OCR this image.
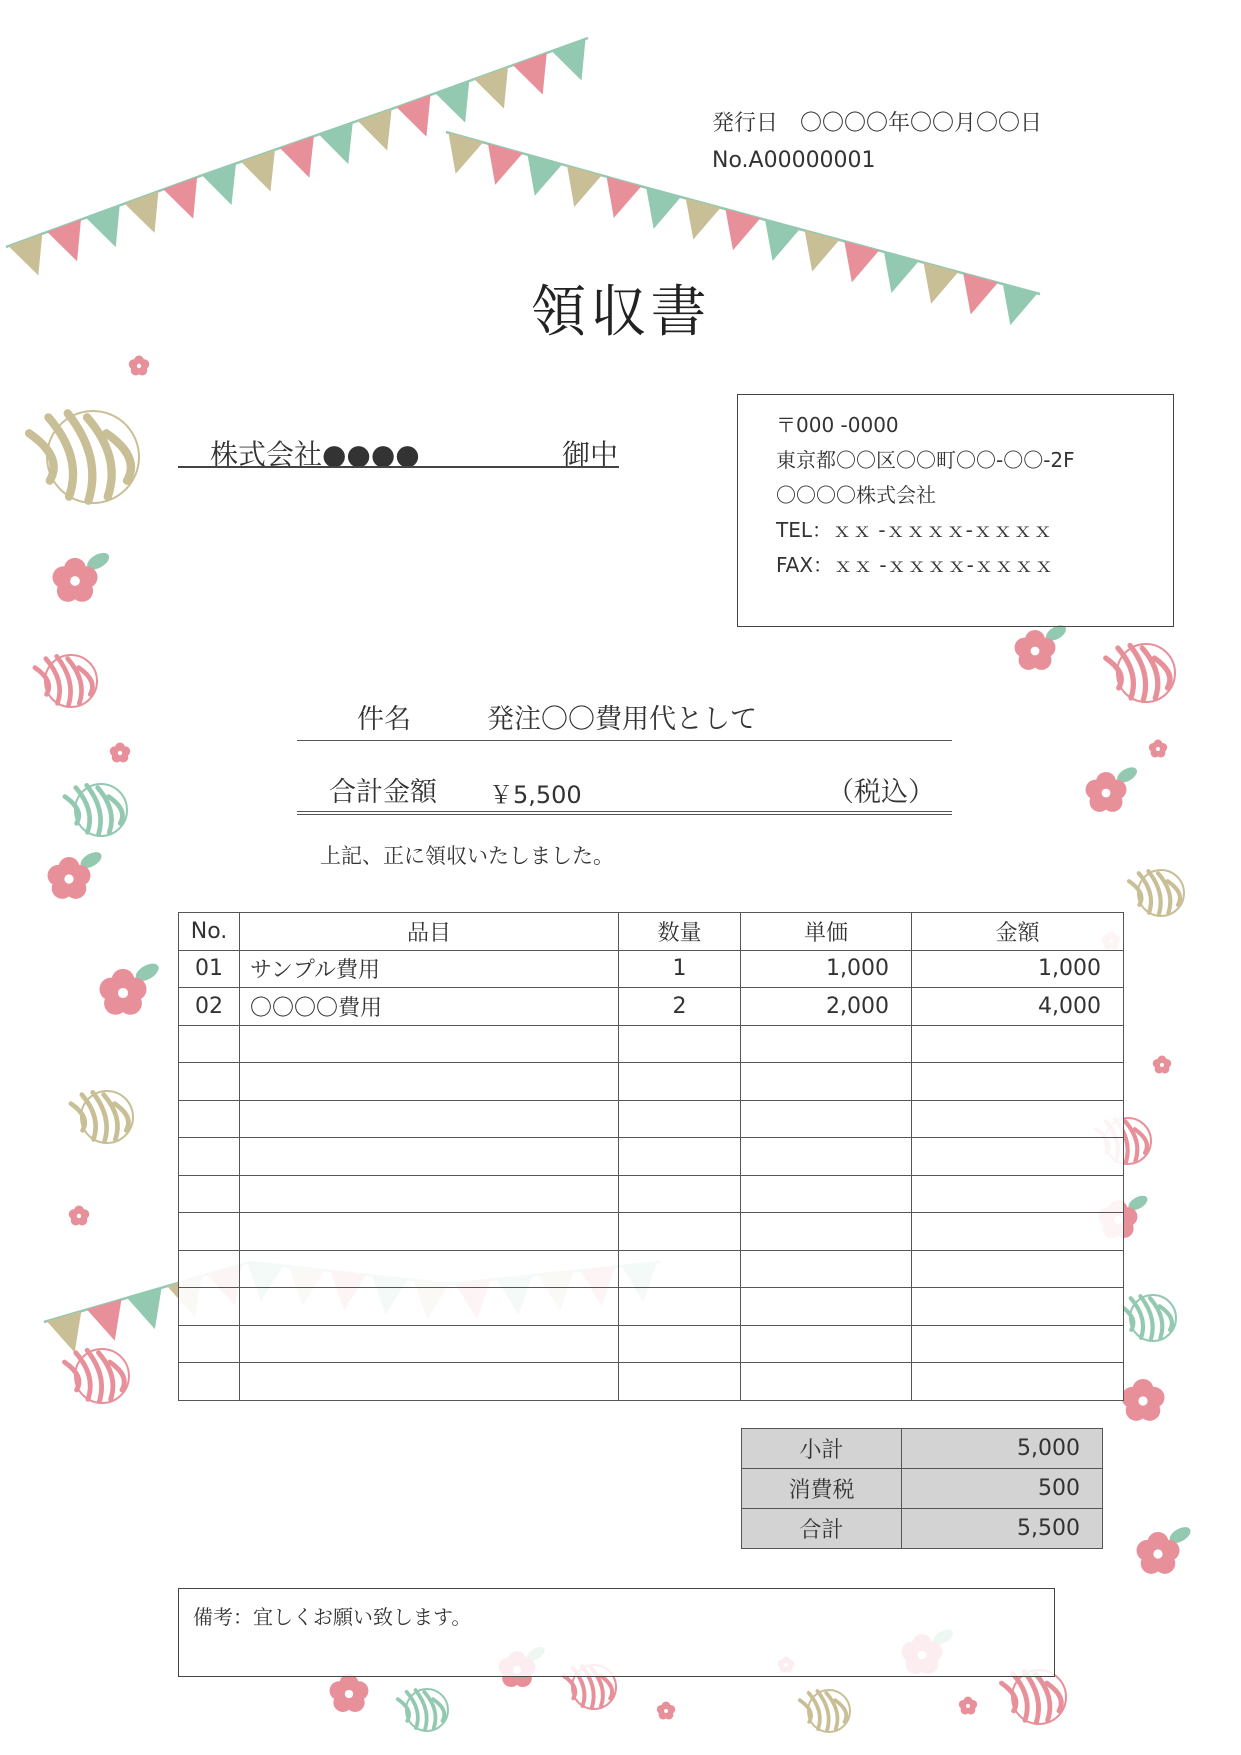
発行日　〇〇〇〇年〇〇月〇〇日
No.A00000001
領収書
株式会社●●●●	御中
〒000 -0000
東京都〇〇区〇〇町〇〇-〇〇-2F
〇〇〇〇株式会社
TEL：ｘｘ -ｘｘｘｘ-ｘｘｘｘ
FAX：ｘｘ -ｘｘｘｘ-ｘｘｘｘ
件名	発注〇〇費用代として
合計金額 ￥5,500	（税込）
上記、正に領収いたしました。
No.	品目	数量	単価	金額
01	サンプル費用	1	1,000	1,000
02	〇〇〇〇費用	2	2,000	4,000

小計	5,000
消費税	500
合計	5,500
備考：宜しくお願い致します。
